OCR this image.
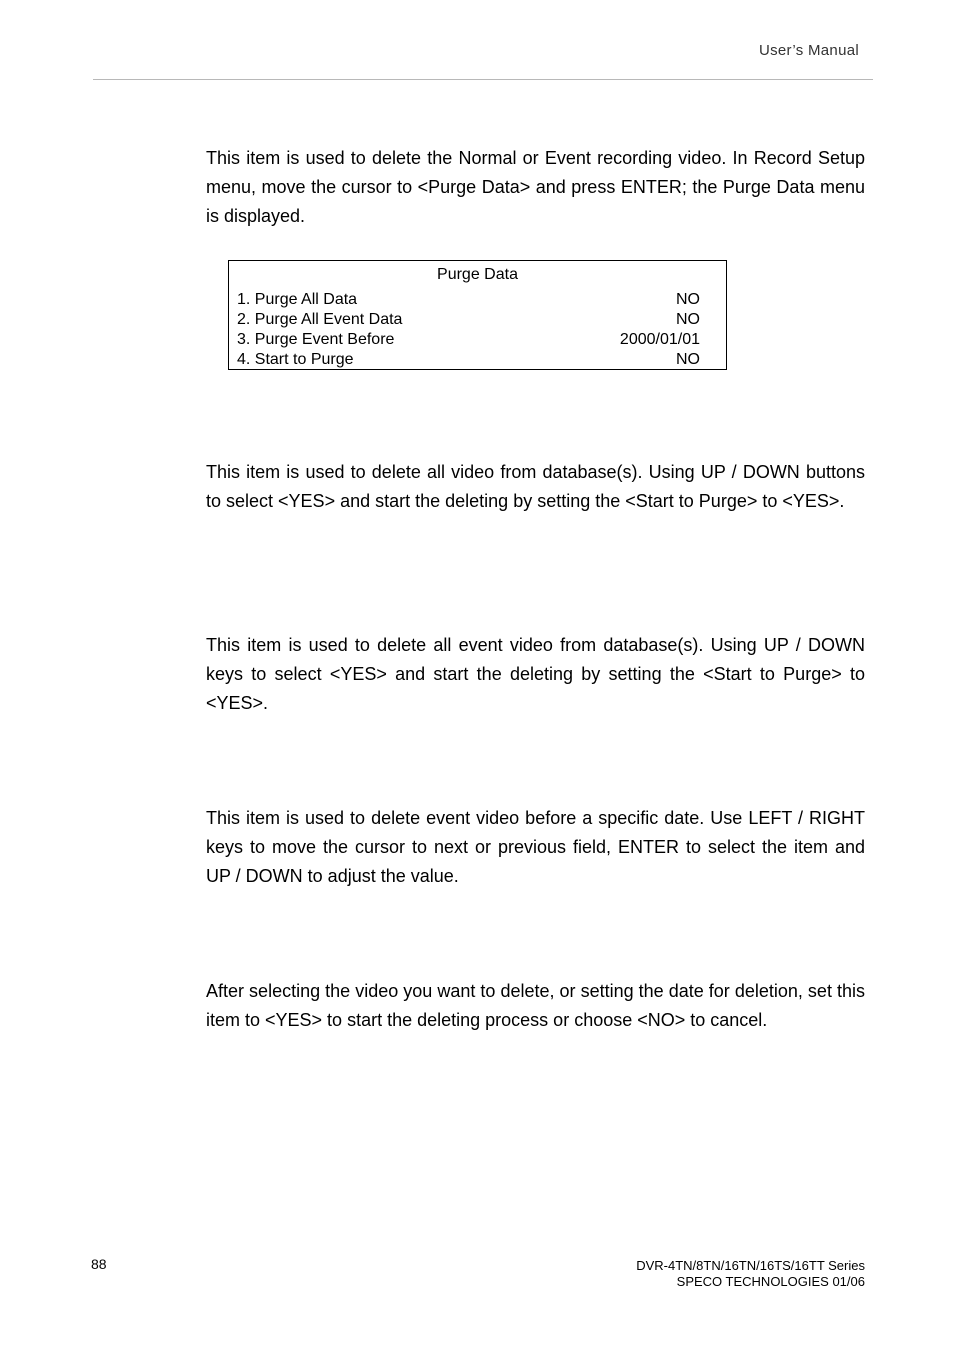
User’s Manual

This item is used to delete the Normal or Event recording video. In Record Setup menu, move the cursor to <Purge Data> and press ENTER; the Purge Data menu is displayed.

Purge Data
1. Purge All Data	NO
2. Purge All Event Data	NO
3. Purge Event Before	2000/01/01
4. Start to Purge	NO

This item is used to delete all video from database(s). Using UP / DOWN buttons to select <YES> and start the deleting by setting the <Start to Purge> to <YES>.

This item is used to delete all event video from database(s). Using UP / DOWN keys to select <YES> and start the deleting by setting the <Start to Purge> to <YES>.

This item is used to delete event video before a specific date. Use LEFT / RIGHT keys to move the cursor to next or previous field, ENTER to select the item and UP / DOWN to adjust the value.

After selecting the video you want to delete, or setting the date for deletion, set this item to <YES> to start the deleting process or choose <NO> to cancel.

88	DVR-4TN/8TN/16TN/16TS/16TT Series
SPECO TECHNOLOGIES 01/06
